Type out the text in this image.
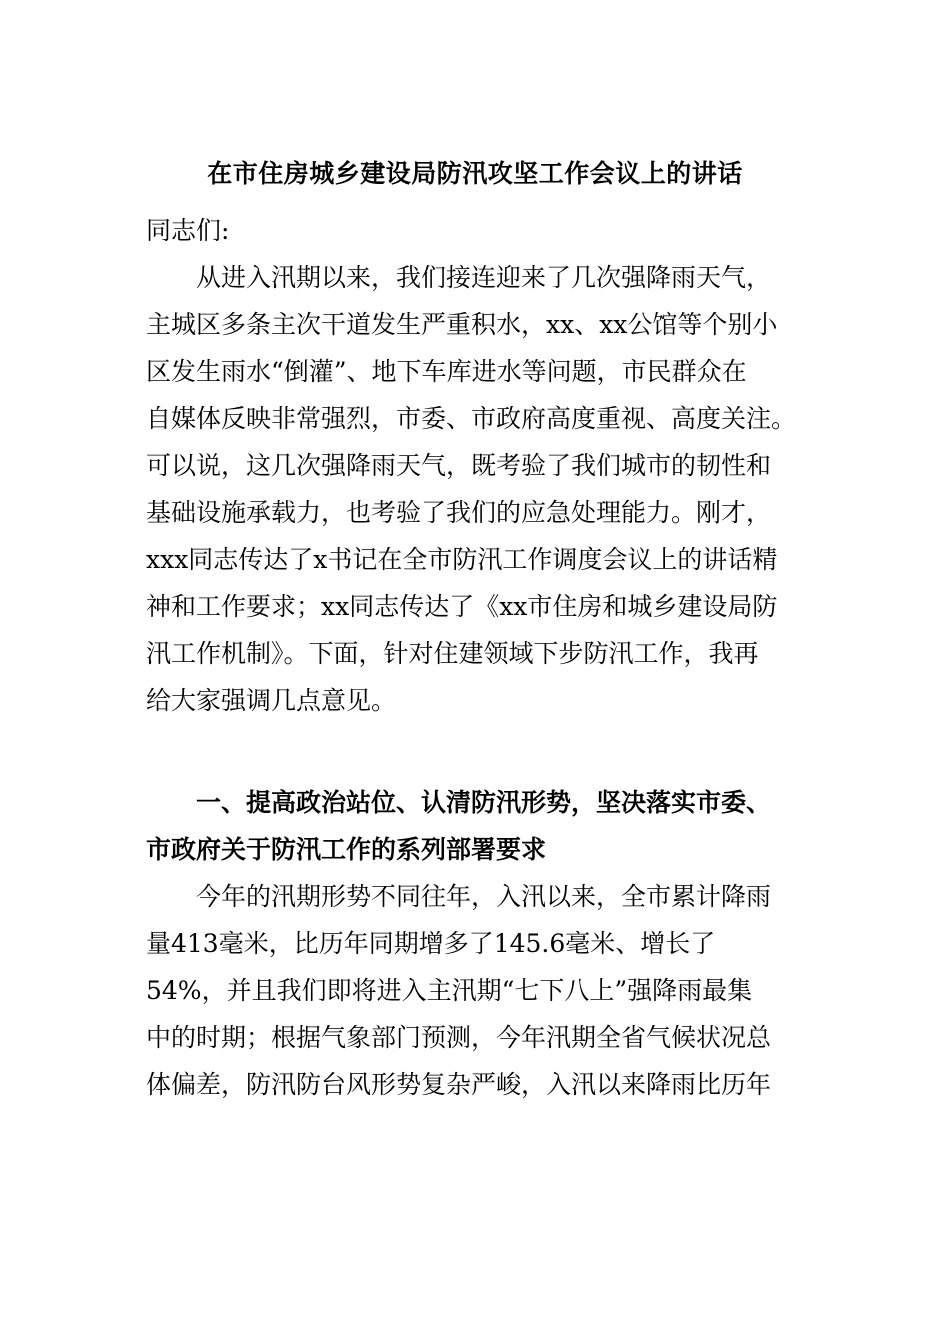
在市住房城乡建设局防汛攻坚工作会议上的讲话
同志们:
从进入汛期以来，我们接连迎来了几次强降雨天气，
主城区多条主次干道发生严重积水，xx、xx公馆等个别小
区发生雨水“倒灌”、地下车库进水等问题，市民群众在
自媒体反映非常强烈，市委、市政府高度重视、高度关注。
可以说，这几次强降雨天气，既考验了我们城市的韧性和
基础设施承载力，也考验了我们的应急处理能力。刚才，
xxx同志传达了x书记在全市防汛工作调度会议上的讲话精
神和工作要求；xx同志传达了《xx市住房和城乡建设局防
汛工作机制》。下面，针对住建领域下步防汛工作，我再
给大家强调几点意见。
一、提高政治站位、认清防汛形势，坚决落实市委、
市政府关于防汛工作的系列部署要求
今年的汛期形势不同往年，入汛以来，全市累计降雨
量413毫米，比历年同期增多了145.6毫米、增长了
54%，并且我们即将进入主汛期“七下八上”强降雨最集
中的时期；根据气象部门预测，今年汛期全省气候状况总
体偏差，防汛防台风形势复杂严峻，入汛以来降雨比历年
